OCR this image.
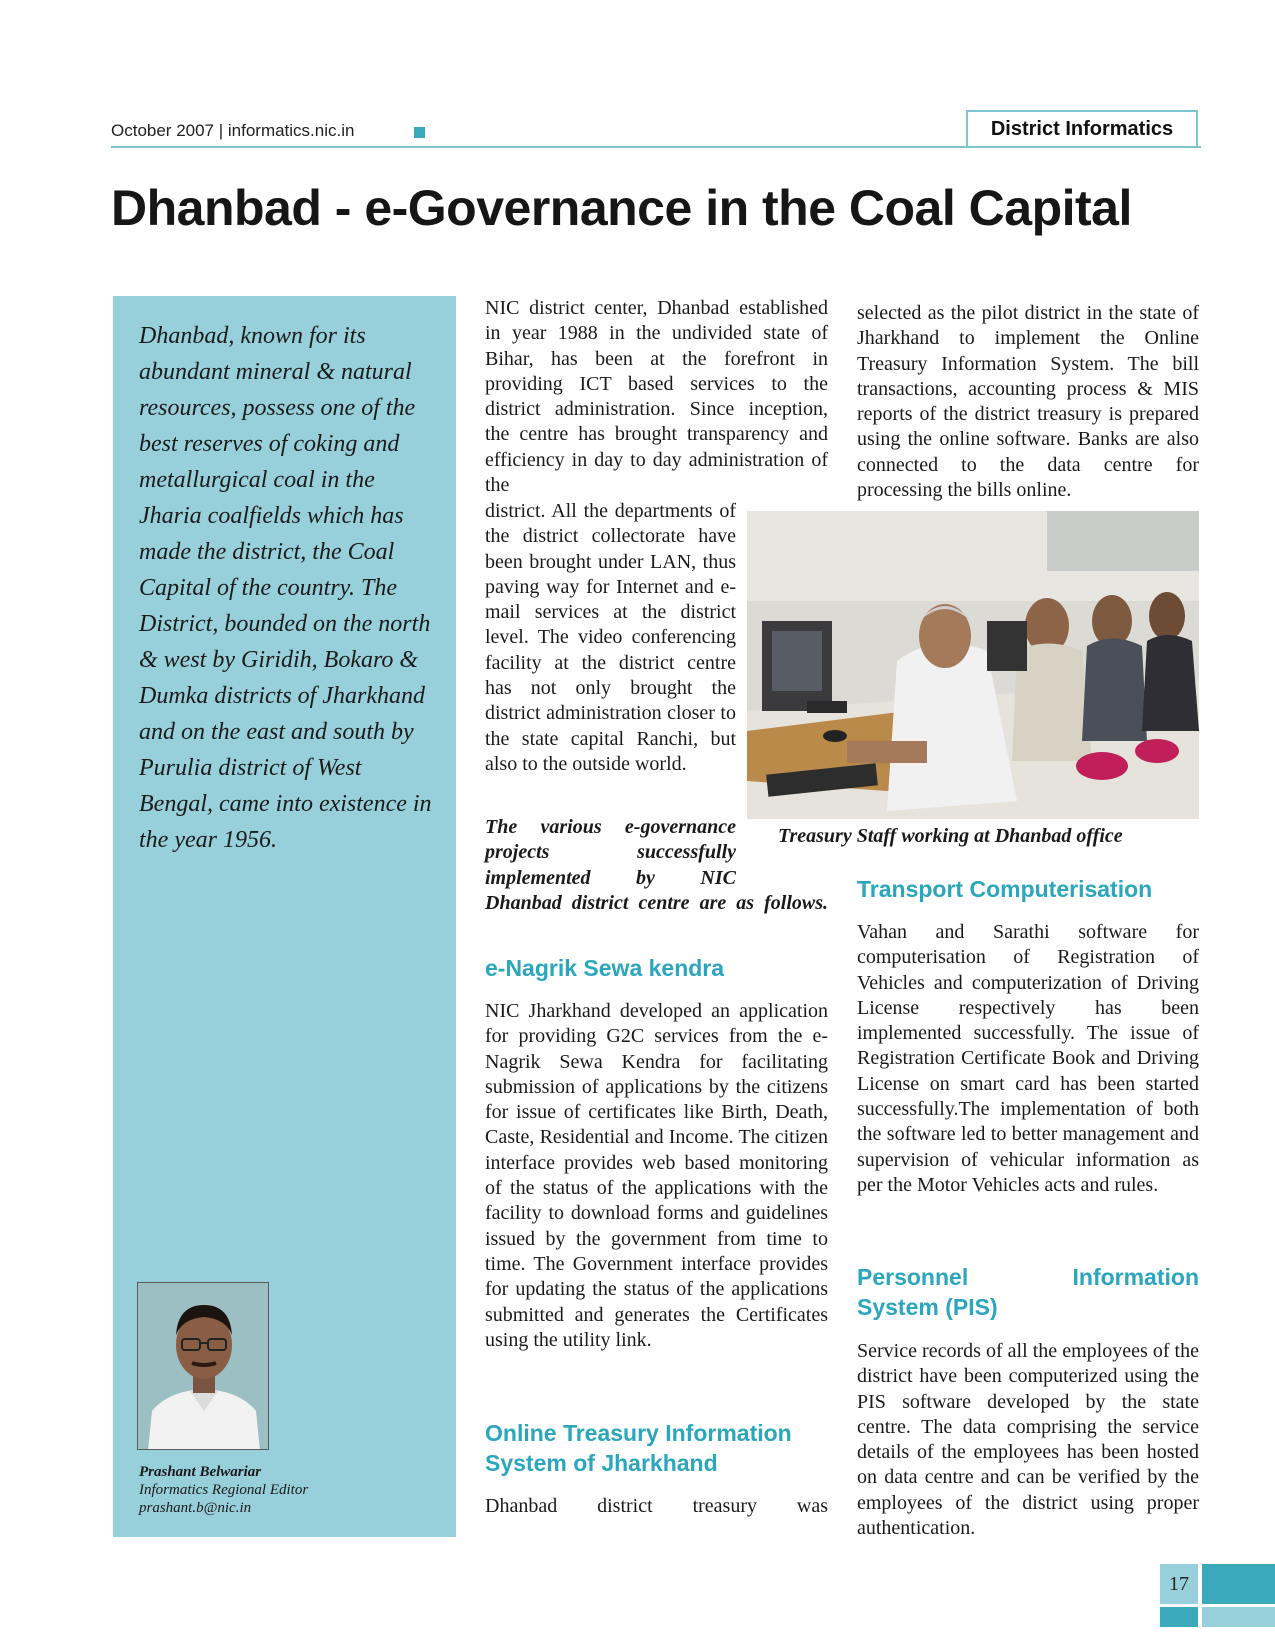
October 2007 | informatics.nic.in	District Informatics
Dhanbad - e-Governance in the Coal Capital
Dhanbad, known for its abundant mineral & natural resources, possess one of the best reserves of coking and metallurgical coal in the Jharia coalfields which has made the district, the Coal Capital of the country. The District, bounded on the north & west by Giridih, Bokaro & Dumka districts of Jharkhand and on the east and south by Purulia district of West Bengal, came into existence in the year 1956.
Prashant Belwariar
Informatics Regional Editor
prashant.b@nic.in
NIC district center, Dhanbad established in year 1988 in the undivided state of Bihar, has been at the forefront in providing ICT based services to the district administration. Since inception, the centre has brought transparency and efficiency in day to day administration of the
district. All the departments of the district collectorate have been brought under LAN, thus paving way for Internet and e-mail services at the district level. The video conferencing facility at the district centre has not only brought the district administration closer to the state capital Ranchi, but also to the outside world.
The various e-governance projects successfully implemented by NIC
Dhanbad district centre are as follows.
e-Nagrik Sewa kendra
NIC Jharkhand developed an application for providing G2C services from the e-Nagrik Sewa Kendra for facilitating submission of applications by the citizens for issue of certificates like Birth, Death, Caste, Residential and Income. The citizen interface provides web based monitoring of the status of the applications with the facility to download forms and guidelines issued by the government from time to time. The Government interface provides for updating the status of the applications submitted and generates the Certificates using the utility link.
Online Treasury Information
System of Jharkhand
Dhanbad district treasury was
selected as the pilot district in the state of Jharkhand to implement the Online Treasury Information System. The bill transactions, accounting process & MIS reports of the district treasury is prepared using the online software. Banks are also connected to the data centre for processing the bills online.
Treasury Staff working at Dhanbad office
Transport Computerisation
Vahan and Sarathi software for computerisation of Registration of Vehicles and computerization of Driving License respectively has been implemented successfully. The issue of Registration Certificate Book and Driving License on smart card has been started successfully.The implementation of both the software led to better management and supervision of vehicular information as per the Motor Vehicles acts and rules.
Personnel Information
System (PIS)
Service records of all the employees of the district have been computerized using the PIS software developed by the state centre. The data comprising the service details of the employees has been hosted on data centre and can be verified by the employees of the district using proper authentication.
17
